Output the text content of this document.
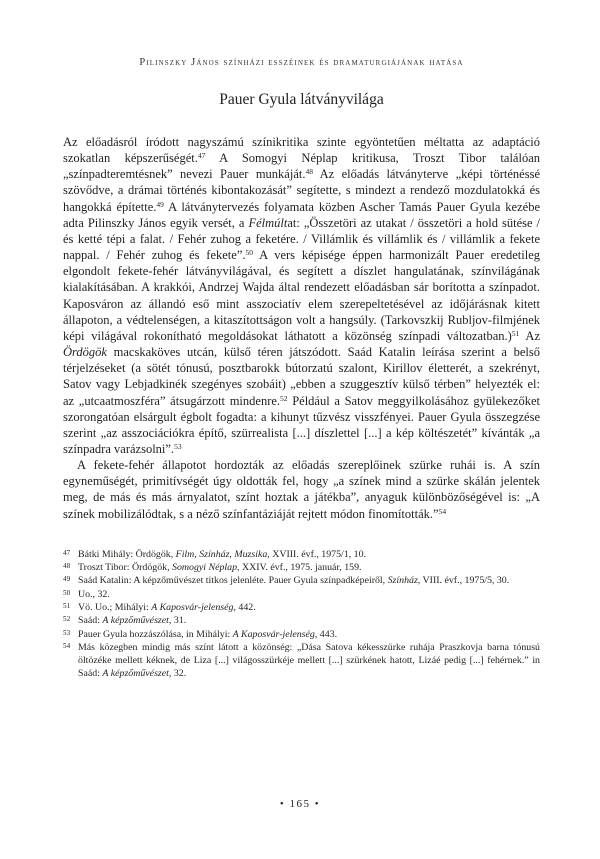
Pilinszky János színházi esszéinek és dramaturgiájának hatása
Pauer Gyula látványvilága

Az előadásról íródott nagyszámú színikritika szinte egyöntetűen méltatta az adaptáció szokatlan képszerűségét.$^{47}$ A Somogyi Néplap kritikusa, Troszt Tibor találóan „színpadteremtésnek” nevezi Pauer munkáját.$^{48}$ Az előadás látványterve „képi történéssé szövődve, a drámai történés kibontakozását” segítette, s mindezt a rendező mozdulatokká és hangokká építette.$^{49}$ A látványtervezés folyamata közben Ascher Tamás Pauer Gyula kezébe adta Pilinszky János egyik versét, a Félmúltat: „Összetöri az utakat / összetöri a hold sütése / és ketté tépi a falat. / Fehér zuhog a feketére. / Villámlik és villámlik és / villámlik a fekete nappal. / Fehér zuhog és fekete”.$^{50}$ A vers képisége éppen harmonizált Pauer eredetileg elgondolt fekete-fehér látványvilágával, és segített a díszlet hangulatának, színvilágának kialakításában. A krakkói, Andrzej Wajda által rendezett előadásban sár borította a színpadot. Kaposváron az állandó eső mint asszociatív elem szerepeltetésével az időjárásnak kitett állapoton, a védtelenségen, a kitaszítottságon volt a hangsúly. (Tarkovszkij Rubljov-filmjének képi világával rokonítható megoldásokat láthatott a közönség színpadi változatban.)$^{51}$ Az Ördögök macskaköves utcán, külső téren játszódott. Saád Katalin leírása szerint a belső térjelzéseket (a sötét tónusú, posztbarokk bútorzatú szalont, Kirillov életterét, a szekrényt, Satov vagy Lebjadkinék szegényes szobáit) „ebben a szuggesztív külső térben” helyezték el: az „utcaatmoszféra” átsugárzott mindenre.$^{52}$ Például a Satov meggyilkolásához gyülekezőket szorongatóan elsárgult égbolt fogadta: a kihunyt tűzvész visszfényei. Pauer Gyula összegzése szerint „az asszociációkra építő, szürrealista [...] díszlettel [...] a kép költészetét” kívánták „a színpadra varázsolni”.$^{53}$

A fekete-fehér állapotot hordozták az előadás szereplőinek szürke ruhái is. A szín egyneműségét, primitívségét úgy oldották fel, hogy „a színek mind a szürke skálán jelentek meg, de más és más árnyalatot, színt hoztak a játékba”, anyaguk különbözőségével is: „A színek mobilizálódtak, s a néző színfantáziáját rejtett módon finomították.”$^{54}$

47 Bátki Mihály: Ördögök, Film, Színház, Muzsika, XVIII. évf., 1975/1, 10.
48 Troszt Tibor: Ördögök, Somogyi Néplap, XXIV. évf., 1975. január, 159.
49 Saád Katalin: A képzőművészet titkos jelenléte. Pauer Gyula színpadképeiről, Színház, VIII. évf., 1975/5, 30.
50 Uo., 32.
51 Vö. Uo.; Mihályi: A Kaposvár-jelenség, 442.
52 Saád: A képzőművészet, 31.
53 Pauer Gyula hozzászólása, in Mihályi: A Kaposvár-jelenség, 443.
54 Más közegben mindig más színt látott a közönség: „Dása Satova kékesszürke ruhája Praszkovja barna tónusú öltözéke mellett kéknek, de Liza [...] világosszürkéje mellett [...] szürkének hatott, Lizáé pedig [...] fehérnek.” in Saád: A képzőművészet, 32.
• 165 •
